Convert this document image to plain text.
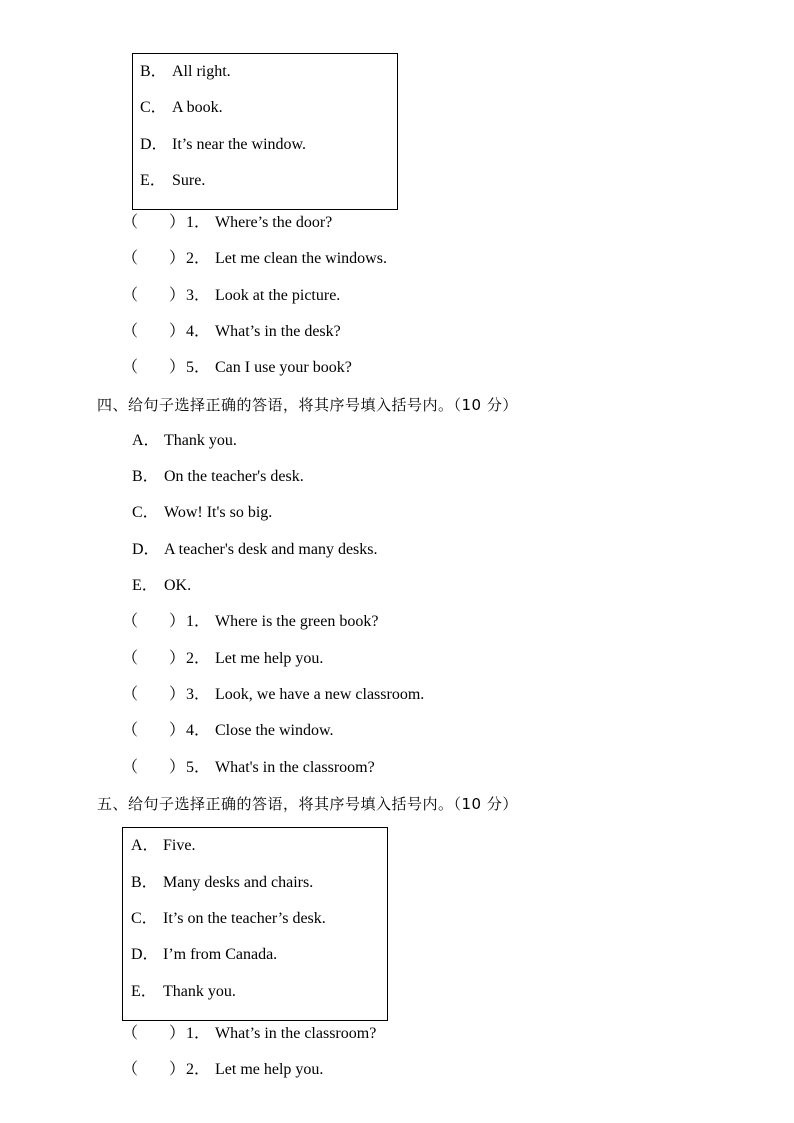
B． All right.
C． A book.
D． It’s near the window.
E． Sure.
（ ） 1． Where’s the door?
（ ） 2． Let me clean the windows.
（ ） 3． Look at the picture.
（ ） 4． What’s in the desk?
（ ） 5． Can I use your book?
四、给句子选择正确的答语，将其序号填入括号内。（10 分）
A． Thank you.
B． On the teacher's desk.
C． Wow! It's so big.
D． A teacher's desk and many desks.
E． OK.
（ ） 1． Where is the green book?
（ ） 2． Let me help you.
（ ） 3． Look, we have a new classroom.
（ ） 4． Close the window.
（ ） 5． What's in the classroom?
五、给句子选择正确的答语，将其序号填入括号内。（10 分）
A． Five.
B． Many desks and chairs.
C． It’s on the teacher’s desk.
D． I’m from Canada.
E． Thank you.
（ ） 1． What’s in the classroom?
（ ） 2． Let me help you.
